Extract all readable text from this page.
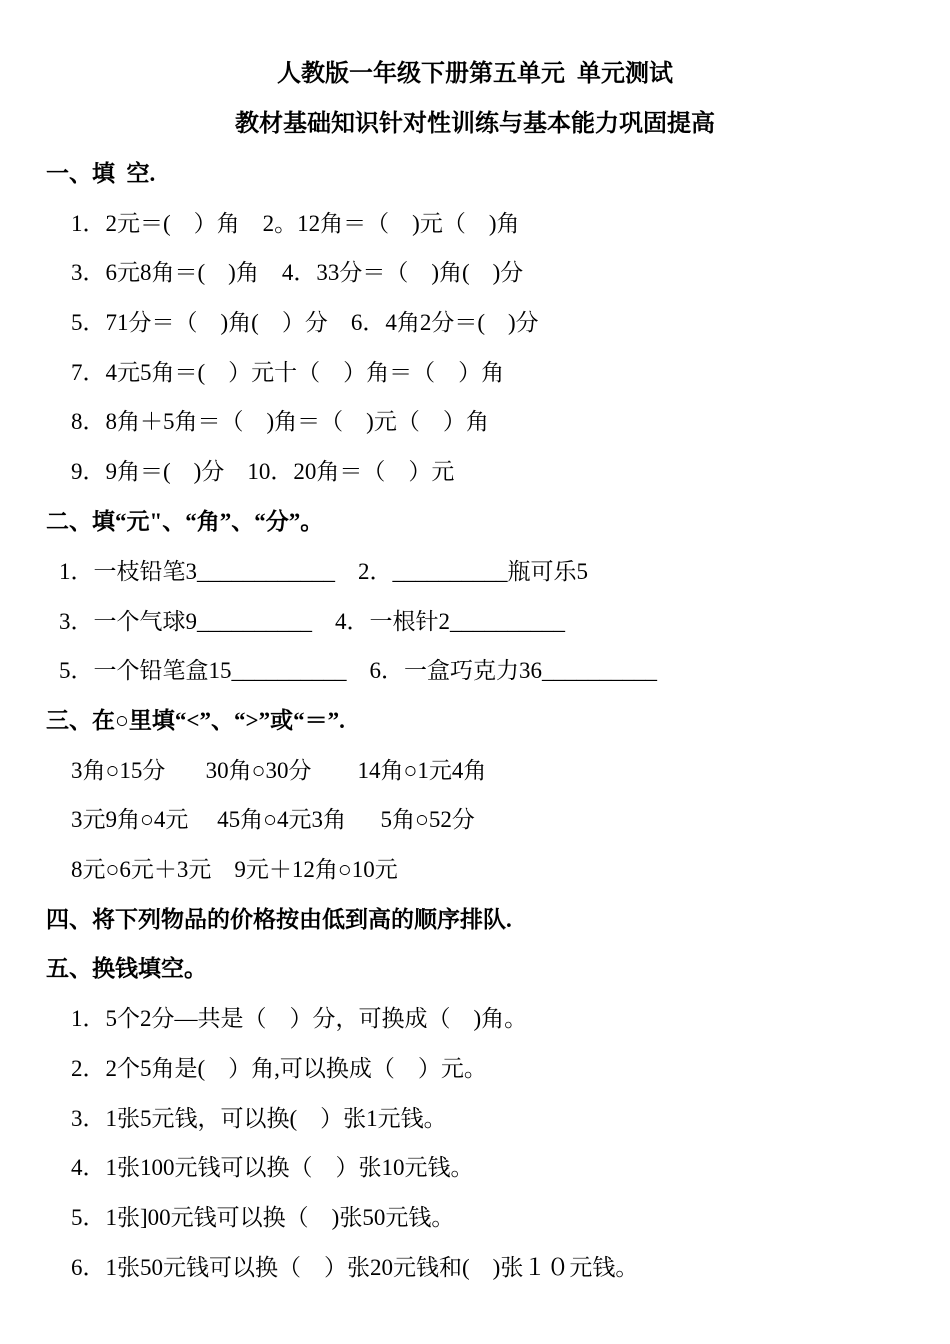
人教版一年级下册第五单元  单元测试
教材基础知识针对性训练与基本能力巩固提高
一、填  空.
1．2元＝(    ）角    2。12角＝（    )元（    )角
3．6元8角＝(    )角    4．33分＝（    )角(    )分
5．71分＝（    )角(    ）分    6．4角2分＝(    )分
7．4元5角＝(    ）元十（    ）角＝（    ）角
8．8角＋5角＝（    )角＝（    )元（    ）角
9．9角＝(    )分    10．20角＝（    ）元
二、填“元"、“角”、“分”。
1．一枝铅笔3____________    2．__________瓶可乐5
3．一个气球9__________    4．一根针2__________
5．一个铅笔盒15__________    6．一盒巧克力36__________
三、在○里填“<”、“>”或“＝”.
3角○15分       30角○30分        14角○1元4角
3元9角○4元     45角○4元3角      5角○52分
8元○6元＋3元    9元＋12角○10元
四、将下列物品的价格按由低到高的顺序排队.
五、换钱填空。
1．5个2分—共是（    ）分，可换成（    )角。
2．2个5角是(    ）角,可以换成（    ）元。
3．1张5元钱，可以换(    ）张1元钱。
4．1张100元钱可以换（    ）张10元钱。
5．1张]00元钱可以换（    )张50元钱。
6．1张50元钱可以换（    ）张20元钱和(    )张１０元钱。
